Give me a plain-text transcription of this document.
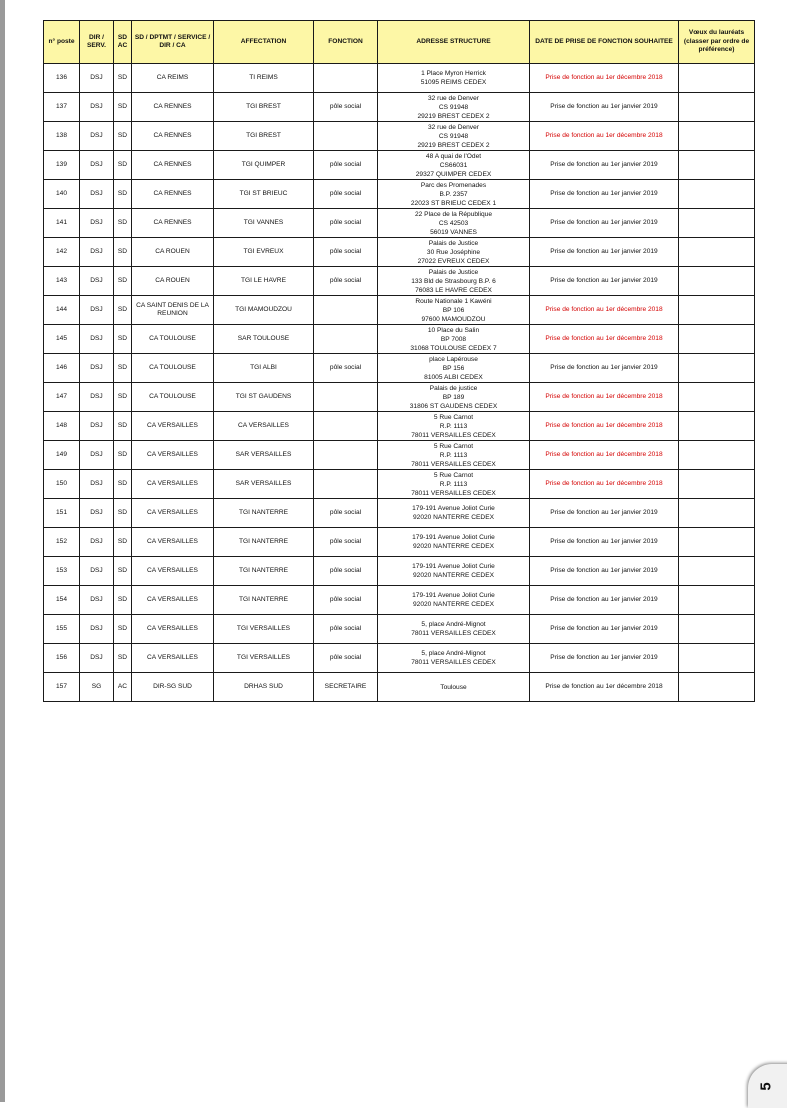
n° poste	DIR / SERV.	SD AC	SD / DPTMT / SERVICE / DIR / CA	AFFECTATION	FONCTION	ADRESSE STRUCTURE	DATE DE PRISE DE FONCTION SOUHAITEE	Vœux du lauréats (classer par ordre de préférence)
136	DSJ	SD	CA REIMS	TI REIMS		1 Place Myron Herrick
51095 REIMS CEDEX	Prise de fonction au 1er décembre 2018	
137	DSJ	SD	CA RENNES	TGI BREST	pôle social	32 rue de Denver
CS 91948
29219 BREST CEDEX 2	Prise de fonction au 1er janvier 2019	
138	DSJ	SD	CA RENNES	TGI BREST		32 rue de Denver
CS 91948
29219 BREST CEDEX 2	Prise de fonction au 1er décembre 2018	
139	DSJ	SD	CA RENNES	TGI QUIMPER	pôle social	48 A quai de l'Odet
CS66031
29327 QUIMPER CEDEX	Prise de fonction au 1er janvier 2019	
140	DSJ	SD	CA RENNES	TGI ST BRIEUC	pôle social	Parc des Promenades
B.P. 2357
22023 ST BRIEUC CEDEX 1	Prise de fonction au 1er janvier 2019	
141	DSJ	SD	CA RENNES	TGI VANNES	pôle social	22 Place de la République
CS 42503
56019 VANNES	Prise de fonction au 1er janvier 2019	
142	DSJ	SD	CA ROUEN	TGI EVREUX	pôle social	Palais de Justice
30 Rue Joséphine
27022 EVREUX CEDEX	Prise de fonction au 1er janvier 2019	
143	DSJ	SD	CA ROUEN	TGI LE HAVRE	pôle social	Palais de Justice
133 Bld de Strasbourg B.P. 6
76083 LE HAVRE CEDEX	Prise de fonction au 1er janvier 2019	
144	DSJ	SD	CA SAINT DENIS DE LA REUNION	TGI MAMOUDZOU		Route Nationale 1 Kawéni
BP 106
97600 MAMOUDZOU	Prise de fonction au 1er décembre 2018	
145	DSJ	SD	CA TOULOUSE	SAR TOULOUSE		10 Place du Salin
BP 7008
31068 TOULOUSE CEDEX 7	Prise de fonction au 1er décembre 2018	
146	DSJ	SD	CA TOULOUSE	TGI ALBI	pôle social	place Lapérouse
BP 156
81005 ALBI CEDEX	Prise de fonction au 1er janvier 2019	
147	DSJ	SD	CA TOULOUSE	TGI ST GAUDENS		Palais de justice
BP 189
31806 ST GAUDENS CEDEX	Prise de fonction au 1er décembre 2018	
148	DSJ	SD	CA VERSAILLES	CA VERSAILLES		5 Rue Carnot
R.P. 1113
78011 VERSAILLES CEDEX	Prise de fonction au 1er décembre 2018	
149	DSJ	SD	CA VERSAILLES	SAR VERSAILLES		5 Rue Carnot
R.P. 1113
78011 VERSAILLES CEDEX	Prise de fonction au 1er décembre 2018	
150	DSJ	SD	CA VERSAILLES	SAR VERSAILLES		5 Rue Carnot
R.P. 1113
78011 VERSAILLES CEDEX	Prise de fonction au 1er décembre 2018	
151	DSJ	SD	CA VERSAILLES	TGI NANTERRE	pôle social	179-191 Avenue Joliot Curie
92020 NANTERRE CEDEX	Prise de fonction au 1er janvier 2019	
152	DSJ	SD	CA VERSAILLES	TGI NANTERRE	pôle social	179-191 Avenue Joliot Curie
92020 NANTERRE CEDEX	Prise de fonction au 1er janvier 2019	
153	DSJ	SD	CA VERSAILLES	TGI NANTERRE	pôle social	179-191 Avenue Joliot Curie
92020 NANTERRE CEDEX	Prise de fonction au 1er janvier 2019	
154	DSJ	SD	CA VERSAILLES	TGI NANTERRE	pôle social	179-191 Avenue Joliot Curie
92020 NANTERRE CEDEX	Prise de fonction au 1er janvier 2019	
155	DSJ	SD	CA VERSAILLES	TGI VERSAILLES	pôle social	5, place André-Mignot
78011 VERSAILLES CEDEX	Prise de fonction au 1er janvier 2019	
156	DSJ	SD	CA VERSAILLES	TGI VERSAILLES	pôle social	5, place André-Mignot
78011 VERSAILLES CEDEX	Prise de fonction au 1er janvier 2019	
157	SG	AC	DIR-SG SUD	DRHAS SUD	SECRETAIRE	Toulouse	Prise de fonction au 1er décembre 2018	
5
